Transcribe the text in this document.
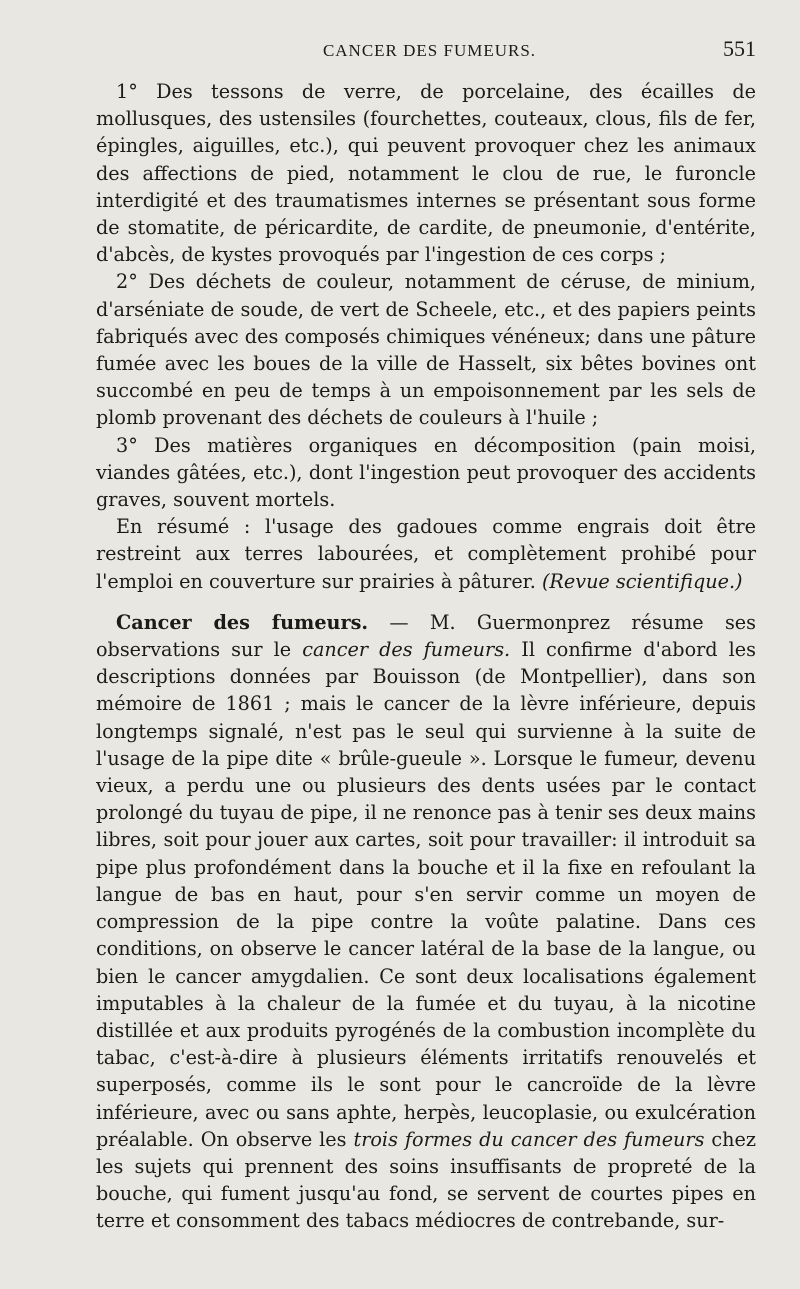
CANCER DES FUMEURS.	551

1° Des tessons de verre, de porcelaine, des écailles de mollusques, des ustensiles (fourchettes, couteaux, clous, fils de fer, épingles, aiguilles, etc.), qui peuvent provoquer chez les animaux des affections de pied, notamment le clou de rue, le furoncle interdigité et des traumatismes internes se présentant sous forme de stomatite, de péricardite, de cardite, de pneumonie, d'entérite, d'abcès, de kystes provoqués par l'ingestion de ces corps ;

2° Des déchets de couleur, notamment de céruse, de minium, d'arséniate de soude, de vert de Scheele, etc., et des papiers peints fabriqués avec des composés chimiques vénéneux; dans une pâture fumée avec les boues de la ville de Hasselt, six bêtes bovines ont succombé en peu de temps à un empoisonnement par les sels de plomb provenant des déchets de couleurs à l'huile ;

3° Des matières organiques en décomposition (pain moisi, viandes gâtées, etc.), dont l'ingestion peut provoquer des accidents graves, souvent mortels.

En résumé : l'usage des gadoues comme engrais doit être restreint aux terres labourées, et complètement prohibé pour l'emploi en couverture sur prairies à pâturer. (Revue scientifique.)

Cancer des fumeurs. — M. Guermonprez résume ses observations sur le cancer des fumeurs. Il confirme d'abord les descriptions données par Bouisson (de Montpellier), dans son mémoire de 1861 ; mais le cancer de la lèvre inférieure, depuis longtemps signalé, n'est pas le seul qui survienne à la suite de l'usage de la pipe dite « brûle-gueule ». Lorsque le fumeur, devenu vieux, a perdu une ou plusieurs des dents usées par le contact prolongé du tuyau de pipe, il ne renonce pas à tenir ses deux mains libres, soit pour jouer aux cartes, soit pour travailler: il introduit sa pipe plus profondément dans la bouche et il la fixe en refoulant la langue de bas en haut, pour s'en servir comme un moyen de compression de la pipe contre la voûte palatine. Dans ces conditions, on observe le cancer latéral de la base de la langue, ou bien le cancer amygdalien. Ce sont deux localisations également imputables à la chaleur de la fumée et du tuyau, à la nicotine distillée et aux produits pyrogénés de la combustion incomplète du tabac, c'est-à-dire à plusieurs éléments irritatifs renouvelés et superposés, comme ils le sont pour le cancroïde de la lèvre inférieure, avec ou sans aphte, herpès, leucoplasie, ou exulcération préalable. On observe les trois formes du cancer des fumeurs chez les sujets qui prennent des soins insuffisants de propreté de la bouche, qui fument jusqu'au fond, se servent de courtes pipes en terre et consomment des tabacs médiocres de contrebande, sur-
